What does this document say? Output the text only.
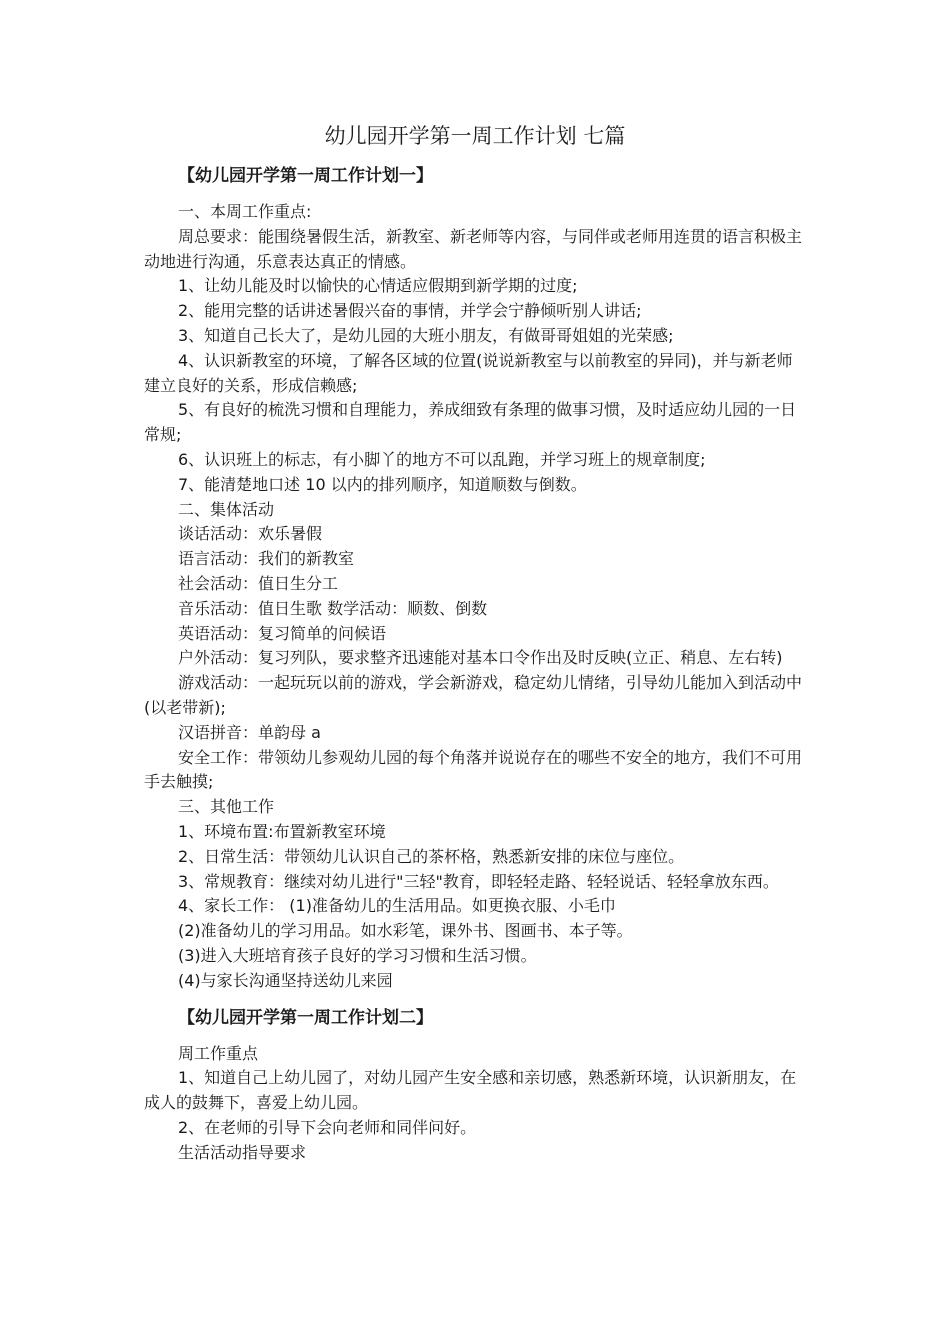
幼儿园开学第一周工作计划 七篇
【幼儿园开学第一周工作计划一】

一、本周工作重点:

周总要求：能围绕暑假生活，新教室、新老师等内容，与同伴或老师用连贯的语言积极主动地进行沟通，乐意表达真正的情感。

1、让幼儿能及时以愉快的心情适应假期到新学期的过度;

2、能用完整的话讲述暑假兴奋的事情，并学会宁静倾听别人讲话;

3、知道自己长大了，是幼儿园的大班小朋友，有做哥哥姐姐的光荣感;

4、认识新教室的环境，了解各区域的位置(说说新教室与以前教室的异同)，并与新老师建立良好的关系，形成信赖感;

5、有良好的梳洗习惯和自理能力，养成细致有条理的做事习惯，及时适应幼儿园的一日常规;

6、认识班上的标志，有小脚丫的地方不可以乱跑，并学习班上的规章制度;

7、能清楚地口述 10 以内的排列顺序，知道顺数与倒数。

二、集体活动

谈话活动：欢乐暑假

语言活动：我们的新教室

社会活动：值日生分工

音乐活动：值日生歌 数学活动：顺数、倒数

英语活动：复习简单的问候语

户外活动：复习列队，要求整齐迅速能对基本口令作出及时反映(立正、稍息、左右转)

游戏活动：一起玩玩以前的游戏，学会新游戏，稳定幼儿情绪，引导幼儿能加入到活动中 (以老带新);

汉语拼音：单韵母 a

安全工作：带领幼儿参观幼儿园的每个角落并说说存在的哪些不安全的地方，我们不可用手去触摸;

三、其他工作

1、环境布置:布置新教室环境

2、日常生活：带领幼儿认识自己的茶杯格，熟悉新安排的床位与座位。

3、常规教育：继续对幼儿进行"三轻"教育，即轻轻走路、轻轻说话、轻轻拿放东西。

4、家长工作： (1)准备幼儿的生活用品。如更换衣服、小毛巾

(2)准备幼儿的学习用品。如水彩笔，课外书、图画书、本子等。

(3)进入大班培育孩子良好的学习习惯和生活习惯。

(4)与家长沟通坚持送幼儿来园

【幼儿园开学第一周工作计划二】

周工作重点

1、知道自己上幼儿园了，对幼儿园产生安全感和亲切感，熟悉新环境，认识新朋友，在成人的鼓舞下，喜爱上幼儿园。

2、在老师的引导下会向老师和同伴问好。

生活活动指导要求
